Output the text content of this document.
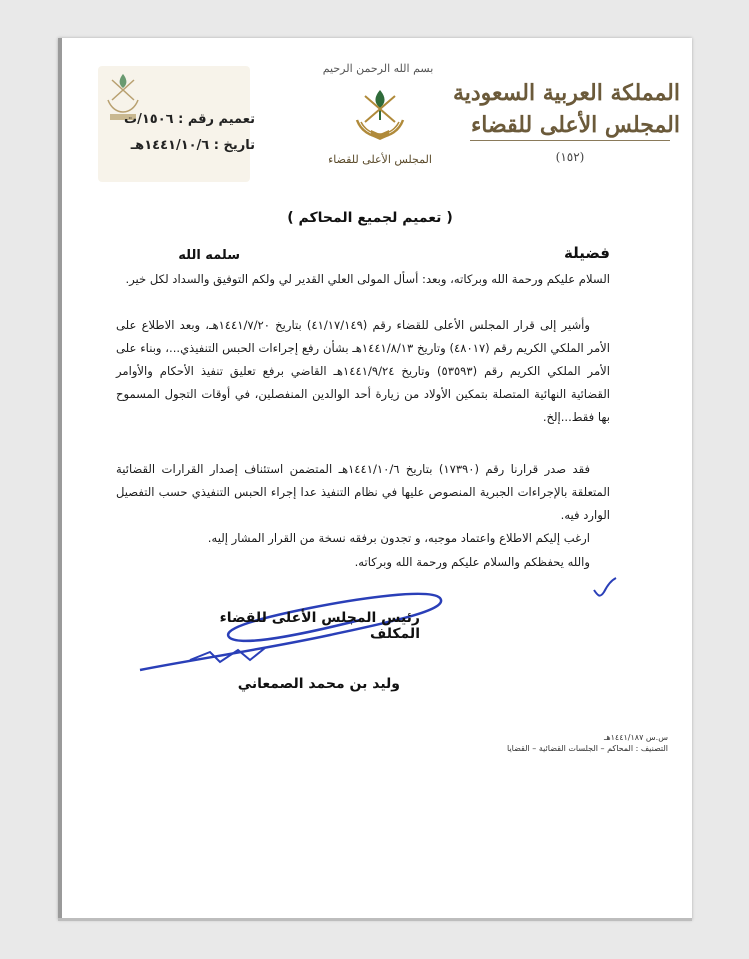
المملكة العربية السعودية
المجلس الأعلى للقضاء
(١٥٢)
بسم الله الرحمن الرحيم
المجلس الأعلى للقضاء
تعميم رقم : ١٥٠٦/ت
تاريخ : ١٤٤١/١٠/٦هـ
( تعميم لجميع المحاكم )
فضيلة
سلمه الله
السلام عليكم ورحمة الله وبركاته، وبعد: أسأل المولى العلي القدير لي ولكم التوفيق والسداد لكل خير.
وأشير إلى قرار المجلس الأعلى للقضاء رقم (٤١/١٧/١٤٩) بتاريخ ١٤٤١/٧/٢٠هـ، وبعد الاطلاع على الأمر الملكي الكريم رقم (٤٨٠١٧) وتاريخ ١٤٤١/٨/١٣هـ بشأن رفع إجراءات الحبس التنفيذي...، وبناء على الأمر الملكي الكريم رقم (٥٣٥٩٣) وتاريخ ١٤٤١/٩/٢٤هـ القاضي برفع تعليق تنفيذ الأحكام والأوامر القضائية النهائية المتصلة بتمكين الأولاد من زيارة أحد الوالدين المنفصلين، في أوقات التجول المسموح بها فقط...إلخ.
فقد صدر قرارنا رقم (١٧٣٩٠) بتاريخ ١٤٤١/١٠/٦هـ المتضمن استئناف إصدار القرارات القضائية المتعلقة بالإجراءات الجبرية المنصوص عليها في نظام التنفيذ عدا إجراء الحبس التنفيذي حسب التفصيل الوارد فيه.
ارغب إليكم الاطلاع واعتماد موجبه، و تجدون برفقه نسخة من القرار المشار إليه.
والله يحفظكم والسلام عليكم ورحمة الله وبركاته.
رئيس المجلس الأعلى للقضاء المكلف
وليد بن محمد الصمعاني
س.س ١٤٤١/١٨٧هـ
التصنيف : المحاكم – الجلسات القضائية – القضايا
